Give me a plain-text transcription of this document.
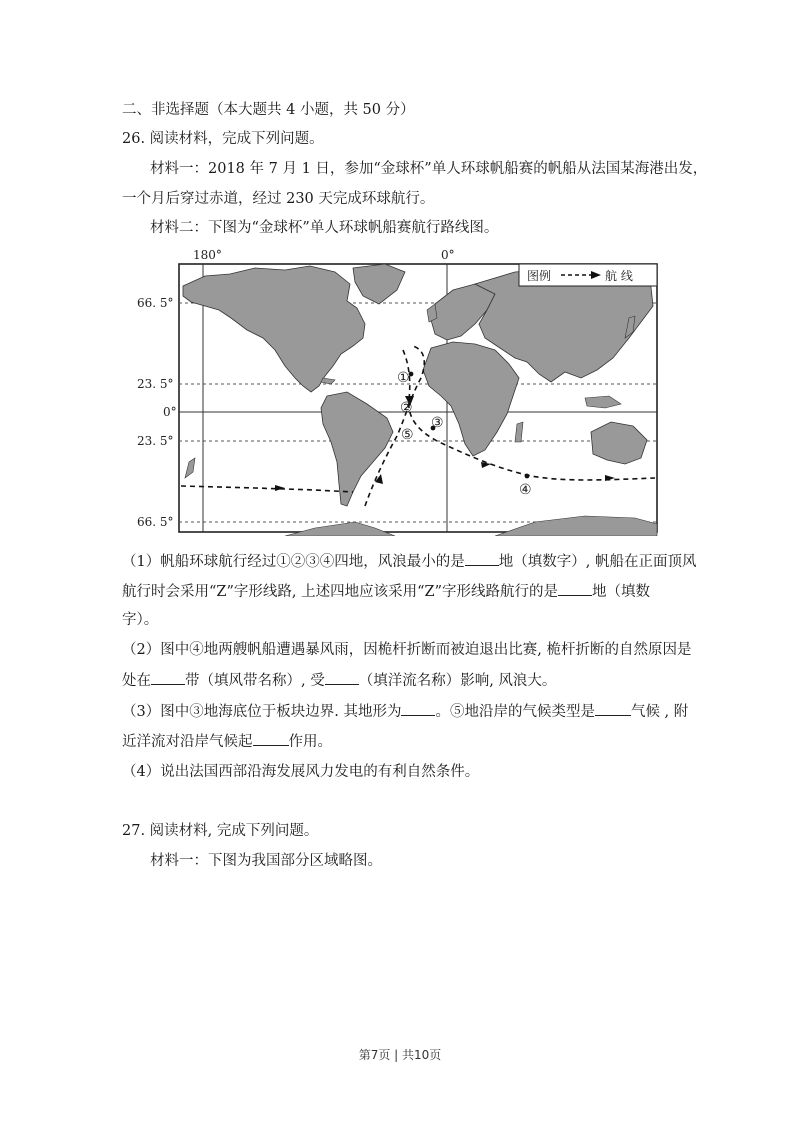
二、非选择题（本大题共 4 小题，共 50 分）
26. 阅读材料，完成下列问题。
材料一：2018 年 7 月 1 日，参加“金球杯”单人环球帆船赛的帆船从法国某海港出发，
一个月后穿过赤道，经过 230 天完成环球航行。
材料二：下图为“金球杯”单人环球帆船赛航行路线图。
图例	航 线
180°	0°
66. 5°
23. 5°
0°
23. 5°
66. 5°
①
②
③
④
⑤
（1）帆船环球航行经过①②③④四地，风浪最小的是 地（填数字）, 帆船在正面顶风
航行时会采用“Z”字形线路, 上述四地应该采用“Z”字形线路航行的是 地（填数
字）。
（2）图中④地两艘帆船遭遇暴风雨，因桅杆折断而被迫退出比赛, 桅杆折断的自然原因是
处在 带（填风带名称）, 受 （填洋流名称）影响, 风浪大。
（3）图中③地海底位于板块边界. 其地形为 。⑤地沿岸的气候类型是 气候 , 附
近洋流对沿岸气候起 作用。
（4）说出法国西部沿海发展风力发电的有利自然条件。
27. 阅读材料, 完成下列问题。
材料一：下图为我国部分区域略图。
第7页 | 共10页
